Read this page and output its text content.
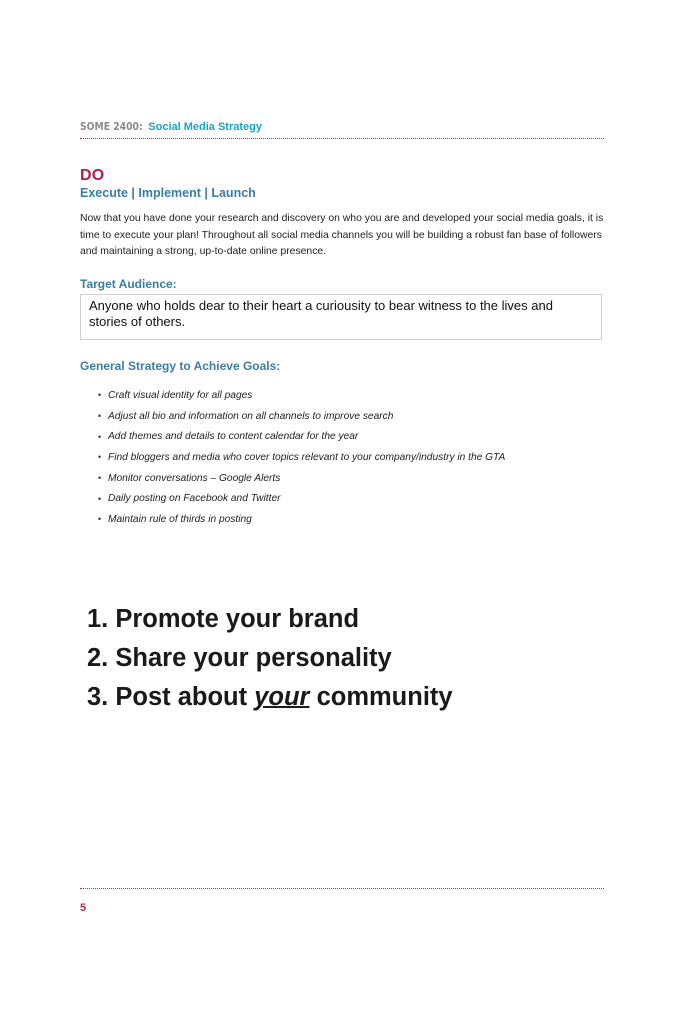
SOME 2400: Social Media Strategy
DO
Execute | Implement | Launch
Now that you have done your research and discovery on who you are and developed your social media goals, it is time to execute your plan! Throughout all social media channels you will be building a robust fan base of followers and maintaining a strong, up-to-date online presence.
Target Audience:
Anyone who holds dear to their heart a curiousity to bear witness to the lives and stories of others.
General Strategy to Achieve Goals:
• Craft visual identity for all pages
• Adjust all bio and information on all channels to improve search
• Add themes and details to content calendar for the year
• Find bloggers and media who cover topics relevant to your company/industry in the GTA
• Monitor conversations – Google Alerts
• Daily posting on Facebook and Twitter
• Maintain rule of thirds in posting
1. Promote your brand
2. Share your personality
3. Post about your community
5
